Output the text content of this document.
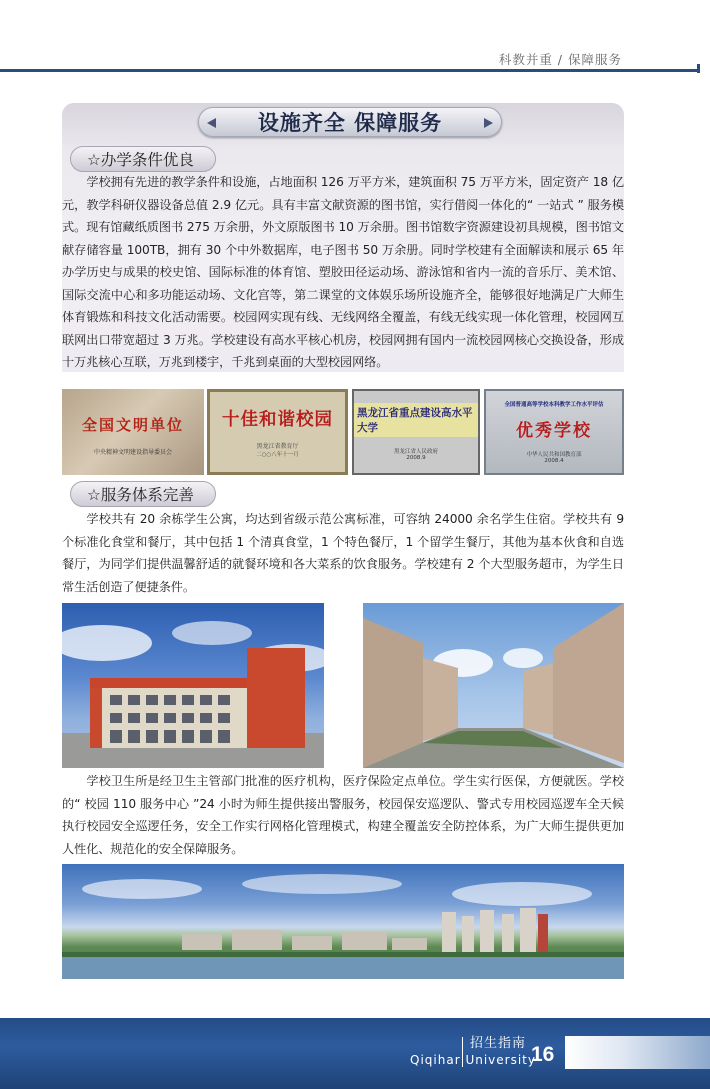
科教并重 / 保障服务
设施齐全 保障服务
☆办学条件优良

学校拥有先进的教学条件和设施，占地面积 126 万平方米，建筑面积 75 万平方米，固定资产 18 亿元，教学科研仪器设备总值 2.9 亿元。具有丰富文献资源的图书馆，实行借阅一体化的“ 一站式 ” 服务模式。现有馆藏纸质图书 275 万余册，外文原版图书 10 万余册。图书馆数字资源建设初具规模，图书馆文献存储容量 100TB，拥有 30 个中外数据库，电子图书 50 万余册。同时学校建有全面解读和展示 65 年办学历史与成果的校史馆、国际标准的体育馆、塑胶田径运动场、游泳馆和省内一流的音乐厅、美术馆、国际交流中心和多功能运动场、文化宫等，第二课堂的文体娱乐场所设施齐全，能够很好地满足广大师生体育锻炼和科技文化活动需要。校园网实现有线、无线网络全覆盖，有线无线实现一体化管理，校园网互联网出口带宽超过 3 万兆。学校建设有高水平核心机房，校园网拥有国内一流校园网核心交换设备，形成十万兆核心互联，万兆到楼宇，千兆到桌面的大型校园网络。

全国文明单位
中央精神文明建设指导委员会
十佳和谐校园
黑龙江省教育厅
二○○八年十一月
黑龙江省重点建设高水平大学
黑龙江省人民政府
2008.9
全国普通高等学校本科教学工作水平评估
优秀学校
中华人民共和国教育部
2008.4
☆服务体系完善

学校共有 20 余栋学生公寓，均达到省级示范公寓标准，可容纳 24000 余名学生住宿。学校共有 9 个标准化食堂和餐厅，其中包括 1 个清真食堂，1 个特色餐厅，1 个留学生餐厅，其他为基本伙食和自选餐厅，为同学们提供温馨舒适的就餐环境和各大菜系的饮食服务。学校建有 2 个大型服务超市，为学生日常生活创造了便捷条件。

学校卫生所是经卫生主管部门批准的医疗机构，医疗保险定点单位。学生实行医保，方便就医。学校的“ 校园 110 服务中心 ”24 小时为师生提供接出警服务，校园保安巡逻队、警式专用校园巡逻车全天候执行校园安全巡逻任务，安全工作实行网格化管理模式，构建全覆盖安全防控体系，为广大师生提供更加人性化、规范化的安全保障服务。

招生指南
Qiqihar University
16
